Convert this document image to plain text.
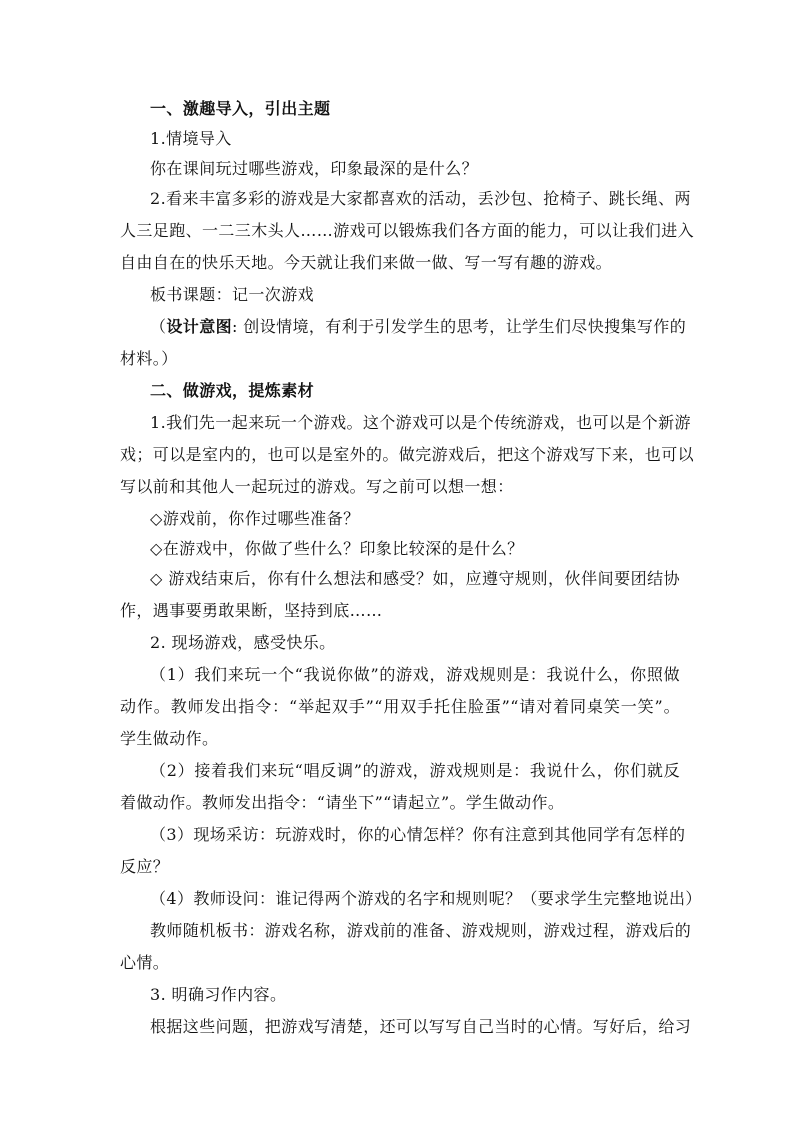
一、激趣导入，引出主题
1.情境导入
你在课间玩过哪些游戏，印象最深的是什么？
2.看来丰富多彩的游戏是大家都喜欢的活动，丢沙包、抢椅子、跳长绳、两
人三足跑、一二三木头人……游戏可以锻炼我们各方面的能力，可以让我们进入
自由自在的快乐天地。今天就让我们来做一做、写一写有趣的游戏。
板书课题：记一次游戏
（设计意图: 创设情境，有利于引发学生的思考，让学生们尽快搜集写作的
材料。）
二、做游戏，提炼素材
1.我们先一起来玩一个游戏。这个游戏可以是个传统游戏，也可以是个新游
戏；可以是室内的，也可以是室外的。做完游戏后，把这个游戏写下来，也可以
写以前和其他人一起玩过的游戏。写之前可以想一想：
◇游戏前，你作过哪些准备？
◇在游戏中，你做了些什么？印象比较深的是什么？
◇ 游戏结束后，你有什么想法和感受？如，应遵守规则，伙伴间要团结协
作，遇事要勇敢果断，坚持到底……
2. 现场游戏，感受快乐。
（1）我们来玩一个“我说你做”的游戏，游戏规则是：我说什么，你照做
动作。教师发出指令：“举起双手”“用双手托住脸蛋”“请对着同桌笑一笑”。
学生做动作。
（2）接着我们来玩“唱反调”的游戏，游戏规则是：我说什么，你们就反
着做动作。教师发出指令：“请坐下”“请起立”。学生做动作。
（3）现场采访：玩游戏时，你的心情怎样？你有注意到其他同学有怎样的
反应？
（4）教师设问：谁记得两个游戏的名字和规则呢？（要求学生完整地说出）
教师随机板书：游戏名称，游戏前的准备、游戏规则，游戏过程，游戏后的
心情。
3. 明确习作内容。
根据这些问题，把游戏写清楚，还可以写写自己当时的心情。写好后，给习
